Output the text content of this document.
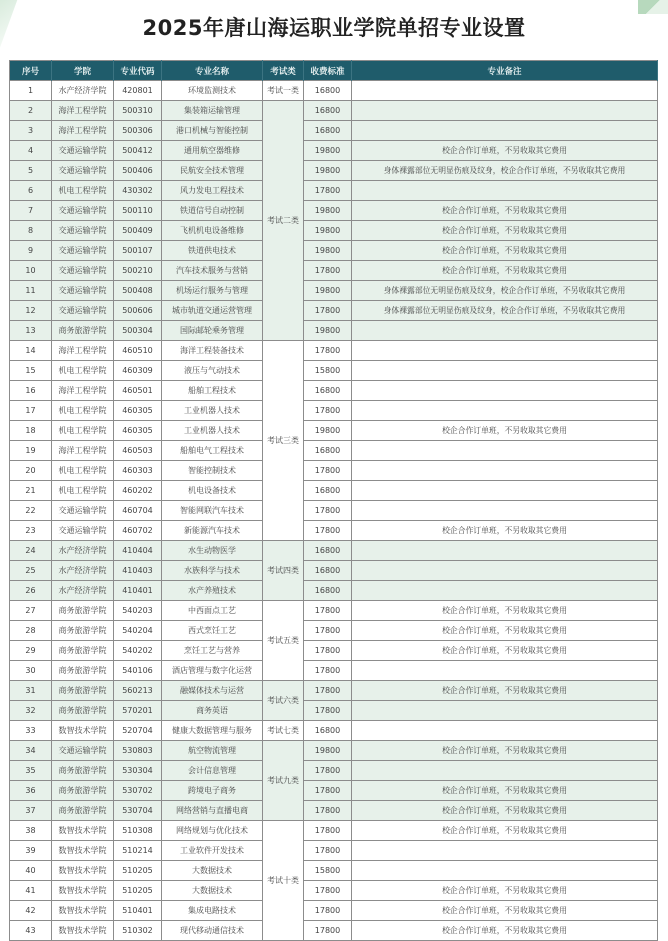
2025年唐山海运职业学院单招专业设置
序号	学院	专业代码	专业名称	考试类	收费标准	专业备注
1	水产经济学院	420801	环境监测技术	考试一类	16800	
2	海洋工程学院	500310	集装箱运输管理	考试二类	16800	
3	海洋工程学院	500306	港口机械与智能控制		16800	
4	交通运输学院	500412	通用航空器维修		19800	校企合作订单班，不另收取其它费用
5	交通运输学院	500406	民航安全技术管理		19800	身体裸露部位无明显伤痕及纹身，校企合作订单班，不另收取其它费用
6	机电工程学院	430302	风力发电工程技术		17800	
7	交通运输学院	500110	铁道信号自动控制		19800	校企合作订单班，不另收取其它费用
8	交通运输学院	500409	飞机机电设备维修		19800	校企合作订单班，不另收取其它费用
9	交通运输学院	500107	铁道供电技术		19800	校企合作订单班，不另收取其它费用
10	交通运输学院	500210	汽车技术服务与营销		17800	校企合作订单班，不另收取其它费用
11	交通运输学院	500408	机场运行服务与管理		19800	身体裸露部位无明显伤痕及纹身，校企合作订单班，不另收取其它费用
12	交通运输学院	500606	城市轨道交通运营管理		17800	身体裸露部位无明显伤痕及纹身，校企合作订单班，不另收取其它费用
13	商务旅游学院	500304	国际邮轮乘务管理		19800	
14	海洋工程学院	460510	海洋工程装备技术	考试三类	17800	
15	机电工程学院	460309	液压与气动技术		15800	
16	海洋工程学院	460501	船舶工程技术		16800	
17	机电工程学院	460305	工业机器人技术		17800	
18	机电工程学院	460305	工业机器人技术		19800	校企合作订单班，不另收取其它费用
19	海洋工程学院	460503	船舶电气工程技术		16800	
20	机电工程学院	460303	智能控制技术		17800	
21	机电工程学院	460202	机电设备技术		16800	
22	交通运输学院	460704	智能网联汽车技术		17800	
23	交通运输学院	460702	新能源汽车技术		17800	校企合作订单班，不另收取其它费用
24	水产经济学院	410404	水生动物医学	考试四类	16800	
25	水产经济学院	410403	水族科学与技术		16800	
26	水产经济学院	410401	水产养殖技术		16800	
27	商务旅游学院	540203	中西面点工艺	考试五类	17800	校企合作订单班，不另收取其它费用
28	商务旅游学院	540204	西式烹饪工艺		17800	校企合作订单班，不另收取其它费用
29	商务旅游学院	540202	烹饪工艺与营养		17800	校企合作订单班，不另收取其它费用
30	商务旅游学院	540106	酒店管理与数字化运营		17800	
31	商务旅游学院	560213	融媒体技术与运营	考试六类	17800	校企合作订单班，不另收取其它费用
32	商务旅游学院	570201	商务英语		17800	
33	数智技术学院	520704	健康大数据管理与服务	考试七类	16800	
34	交通运输学院	530803	航空物流管理	考试九类	19800	校企合作订单班，不另收取其它费用
35	商务旅游学院	530304	会计信息管理		17800	
36	商务旅游学院	530702	跨境电子商务		17800	校企合作订单班，不另收取其它费用
37	商务旅游学院	530704	网络营销与直播电商		17800	校企合作订单班，不另收取其它费用
38	数智技术学院	510308	网络规划与优化技术	考试十类	17800	校企合作订单班，不另收取其它费用
39	数智技术学院	510214	工业软件开发技术		17800	
40	数智技术学院	510205	大数据技术		15800	
41	数智技术学院	510205	大数据技术		17800	校企合作订单班，不另收取其它费用
42	数智技术学院	510401	集成电路技术		17800	校企合作订单班，不另收取其它费用
43	数智技术学院	510302	现代移动通信技术		17800	校企合作订单班，不另收取其它费用
